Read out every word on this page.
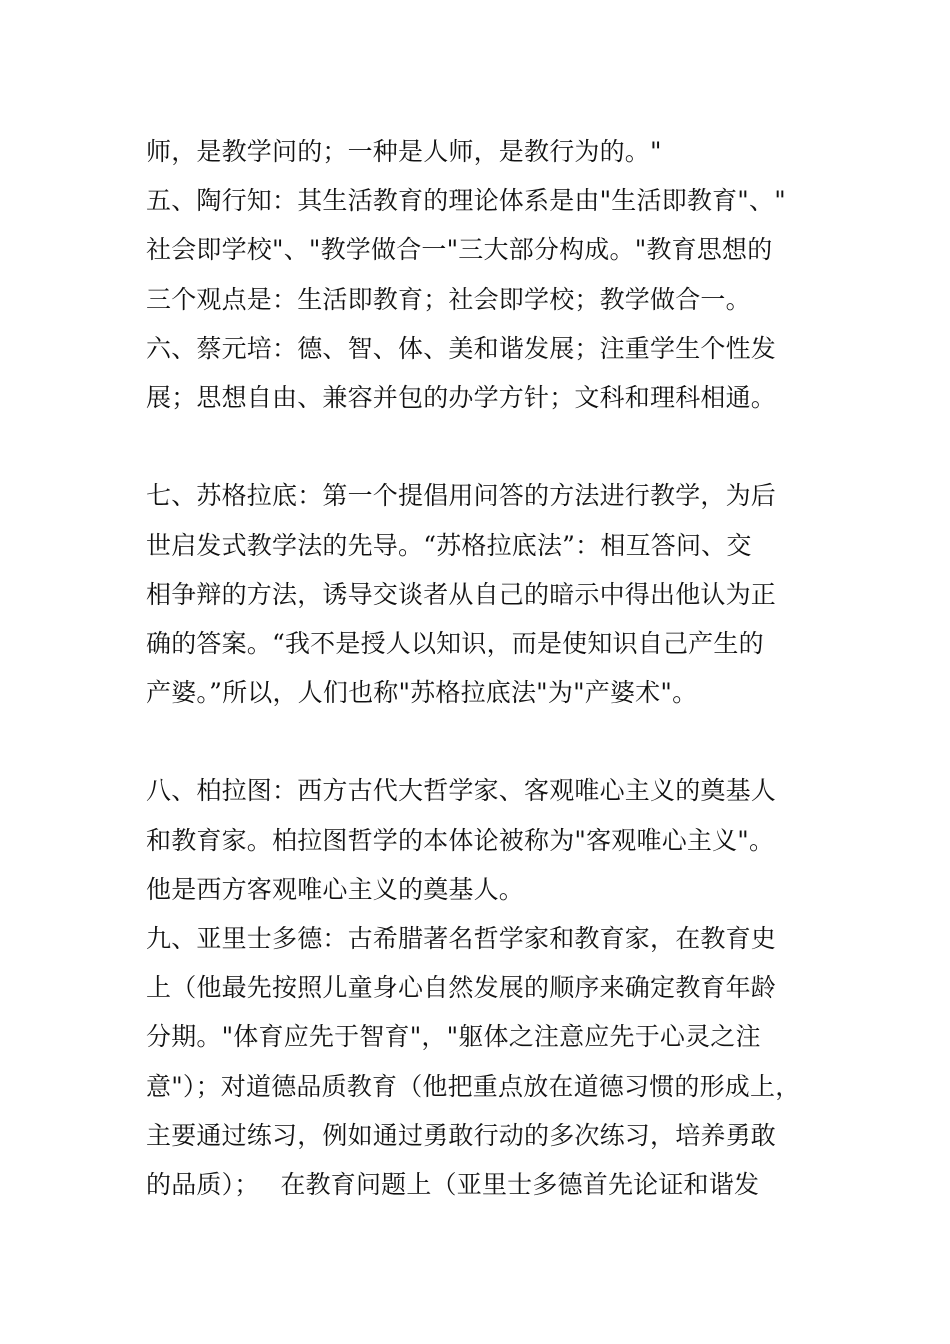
师，是教学问的；一种是人师，是教行为的。"
五、陶行知：其生活教育的理论体系是由"生活即教育"、"
社会即学校"、"教学做合一"三大部分构成。"教育思想的
三个观点是：生活即教育；社会即学校；教学做合一。
六、蔡元培：德、智、体、美和谐发展；注重学生个性发
展；思想自由、兼容并包的办学方针；文科和理科相通。
七、苏格拉底：第一个提倡用问答的方法进行教学，为后
世启发式教学法的先导。“苏格拉底法”：相互答问、交
相争辩的方法，诱导交谈者从自己的暗示中得出他认为正
确的答案。“我不是授人以知识，而是使知识自己产生的
产婆。”所以，人们也称"苏格拉底法"为"产婆术"。
八、柏拉图：西方古代大哲学家、客观唯心主义的奠基人
和教育家。柏拉图哲学的本体论被称为"客观唯心主义"。
他是西方客观唯心主义的奠基人。
九、亚里士多德：古希腊著名哲学家和教育家，在教育史
上（他最先按照儿童身心自然发展的顺序来确定教育年龄
分期。"体育应先于智育"，"躯体之注意应先于心灵之注
意"）；对道德品质教育（他把重点放在道德习惯的形成上，
主要通过练习，例如通过勇敢行动的多次练习，培养勇敢
的品质）；　 在教育问题上（亚里士多德首先论证和谐发
